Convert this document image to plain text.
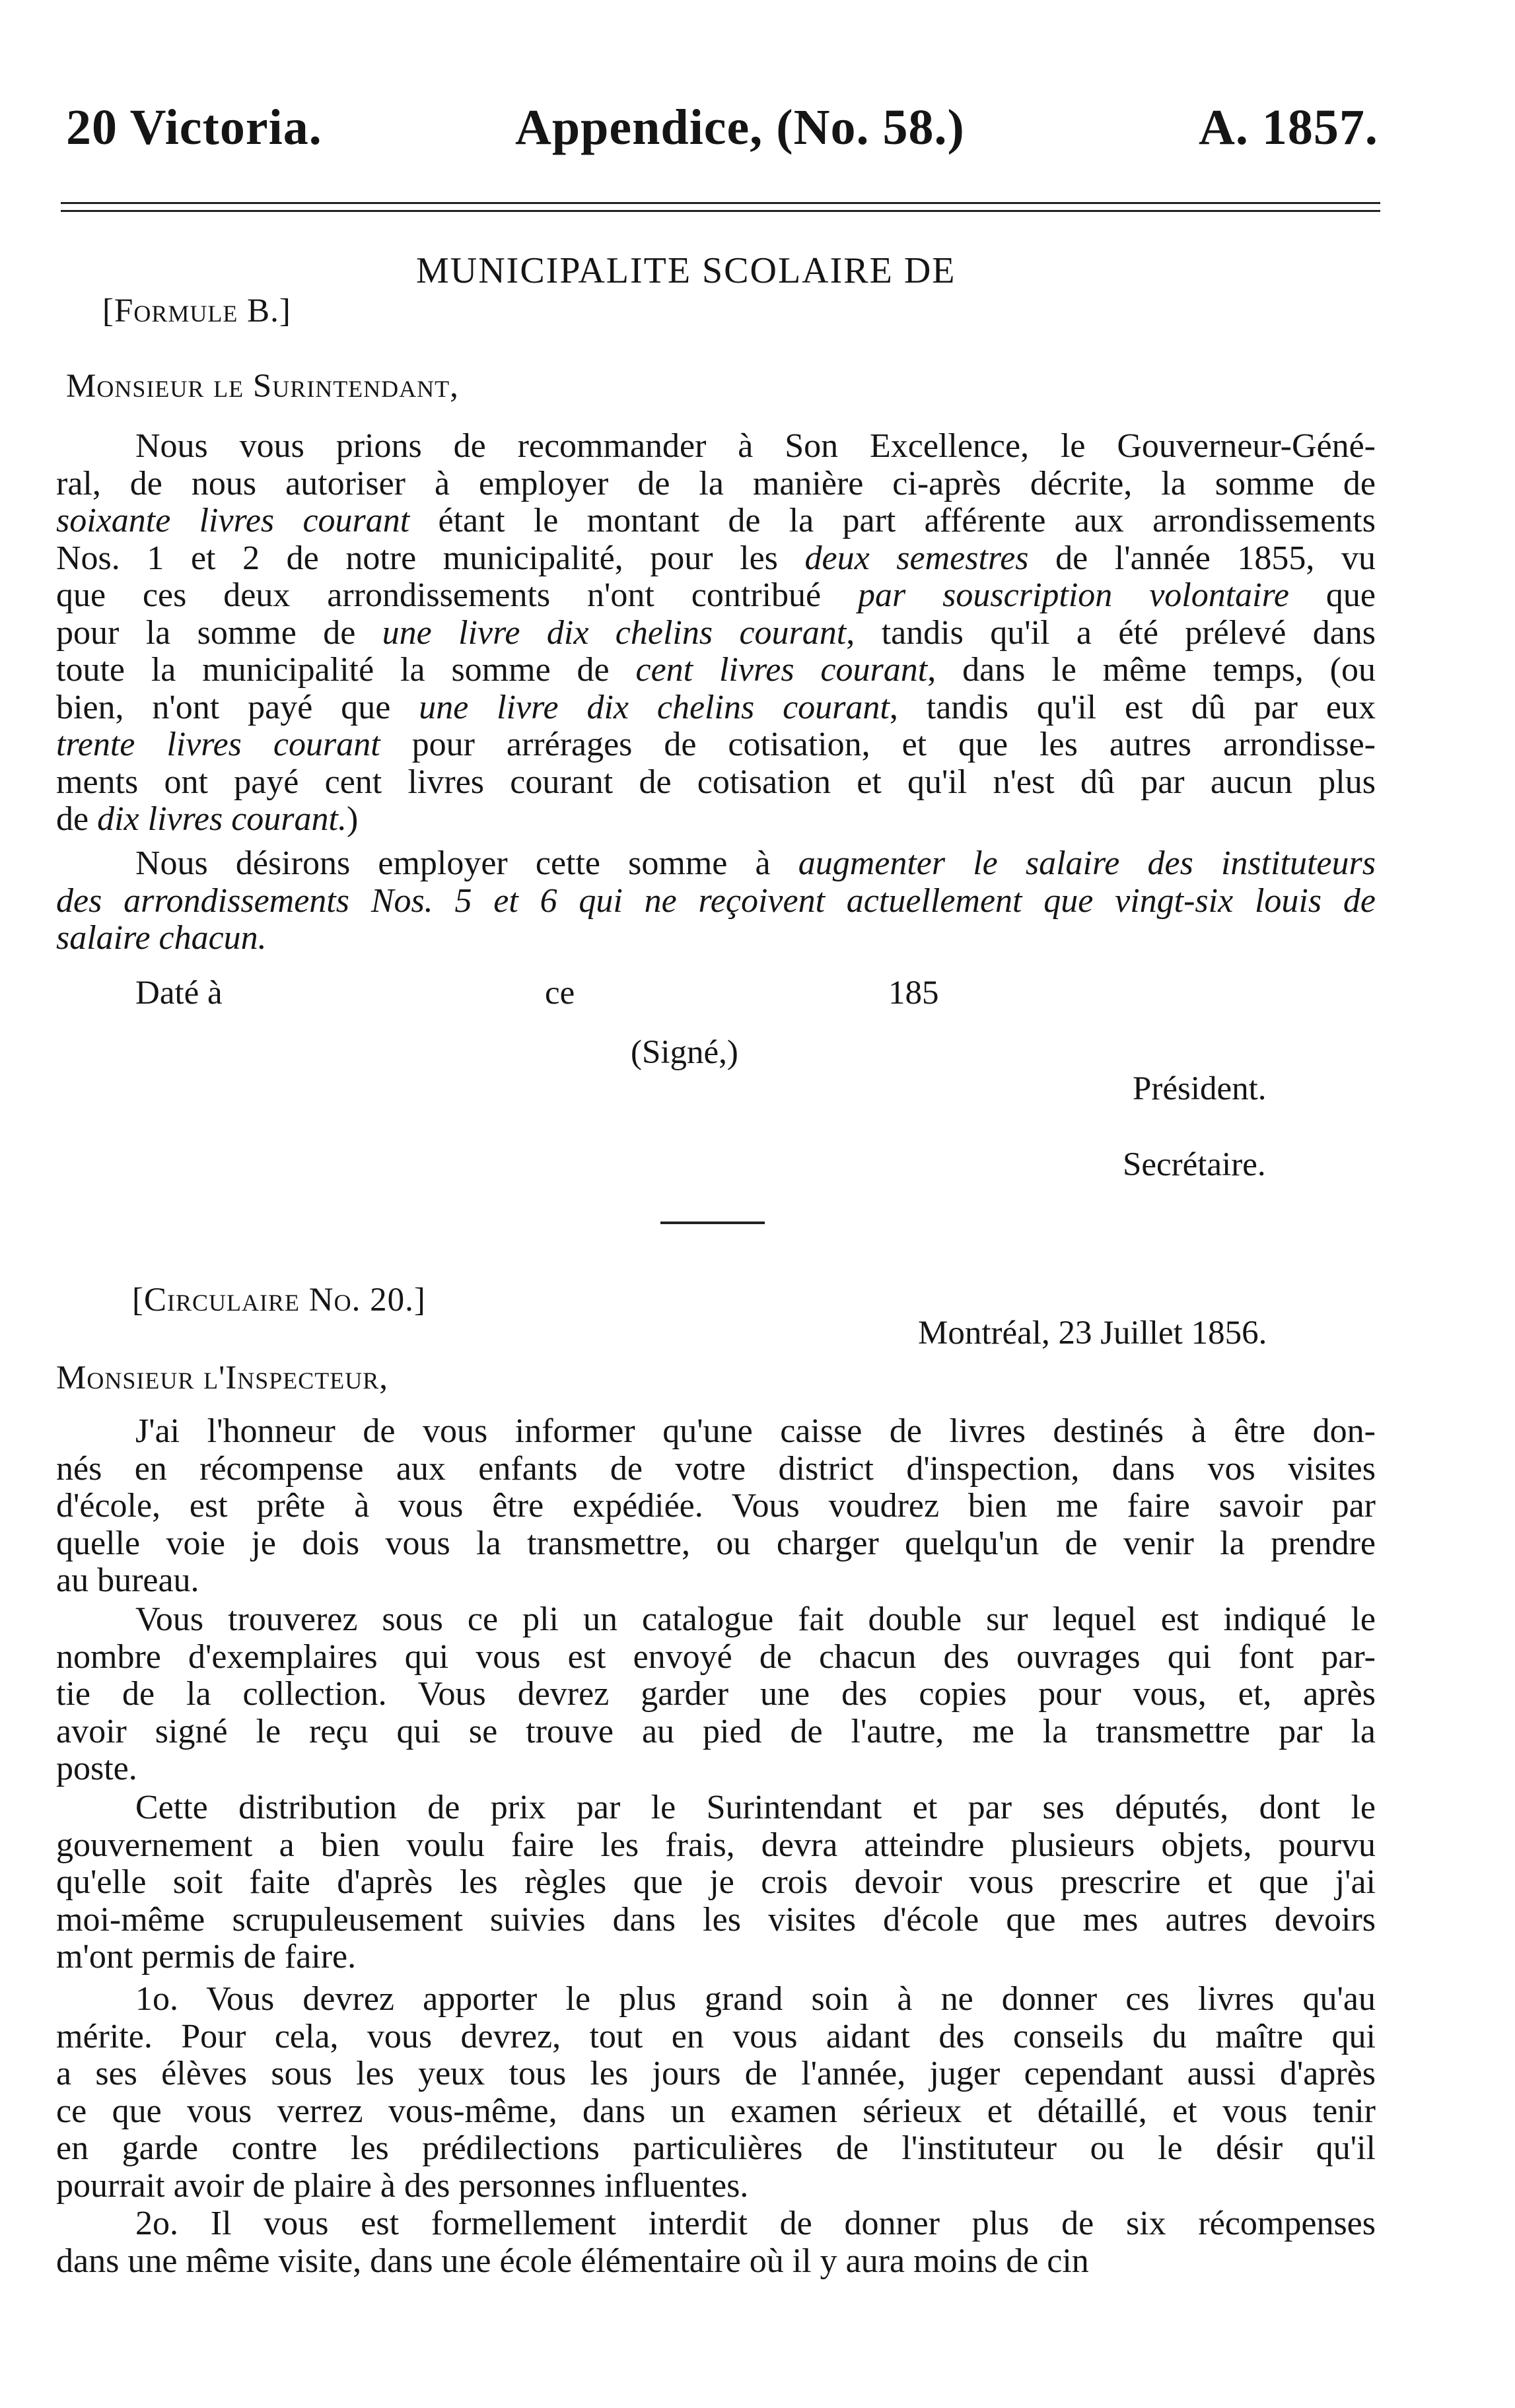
20 Victoria.	Appendice, (No. 58.)	A. 1857.
MUNICIPALITE SCOLAIRE DE
[Formule B.]
Monsieur le Surintendant,
Nous vous prions de recommander à Son Excellence, le Gouverneur-Géné-
ral, de nous autoriser à employer de la manière ci-après décrite, la somme de
soixante livres courant étant le montant de la part afférente aux arrondissements
Nos. 1 et 2 de notre municipalité, pour les deux semestres de l'année 1855, vu
que ces deux arrondissements n'ont contribué par souscription volontaire que
pour la somme de une livre dix chelins courant, tandis qu'il a été prélevé dans
toute la municipalité la somme de cent livres courant, dans le même temps, (ou
bien, n'ont payé que une livre dix chelins courant, tandis qu'il est dû par eux
trente livres courant pour arrérages de cotisation, et que les autres arrondisse-
ments ont payé cent livres courant de cotisation et qu'il n'est dû par aucun plus
de dix livres courant.)
Nous désirons employer cette somme à augmenter le salaire des instituteurs
des arrondissements Nos. 5 et 6 qui ne reçoivent actuellement que vingt-six louis de
salaire chacun.
Daté à	ce	185
(Signé,)
Président.
Secrétaire.
[Circulaire No. 20.]
Montréal, 23 Juillet 1856.
Monsieur l'Inspecteur,
J'ai l'honneur de vous informer qu'une caisse de livres destinés à être don-
nés en récompense aux enfants de votre district d'inspection, dans vos visites
d'école, est prête à vous être expédiée. Vous voudrez bien me faire savoir par
quelle voie je dois vous la transmettre, ou charger quelqu'un de venir la prendre
au bureau.
Vous trouverez sous ce pli un catalogue fait double sur lequel est indiqué le
nombre d'exemplaires qui vous est envoyé de chacun des ouvrages qui font par-
tie de la collection. Vous devrez garder une des copies pour vous, et, après
avoir signé le reçu qui se trouve au pied de l'autre, me la transmettre par la
poste.
Cette distribution de prix par le Surintendant et par ses députés, dont le
gouvernement a bien voulu faire les frais, devra atteindre plusieurs objets, pourvu
qu'elle soit faite d'après les règles que je crois devoir vous prescrire et que j'ai
moi-même scrupuleusement suivies dans les visites d'école que mes autres devoirs
m'ont permis de faire.
1o. Vous devrez apporter le plus grand soin à ne donner ces livres qu'au
mérite. Pour cela, vous devrez, tout en vous aidant des conseils du maître qui
a ses élèves sous les yeux tous les jours de l'année, juger cependant aussi d'après
ce que vous verrez vous-même, dans un examen sérieux et détaillé, et vous tenir
en garde contre les prédilections particulières de l'instituteur ou le désir qu'il
pourrait avoir de plaire à des personnes influentes.
2o. Il vous est formellement interdit de donner plus de six récompenses
dans une même visite, dans une école élémentaire où il y aura moins de cin
